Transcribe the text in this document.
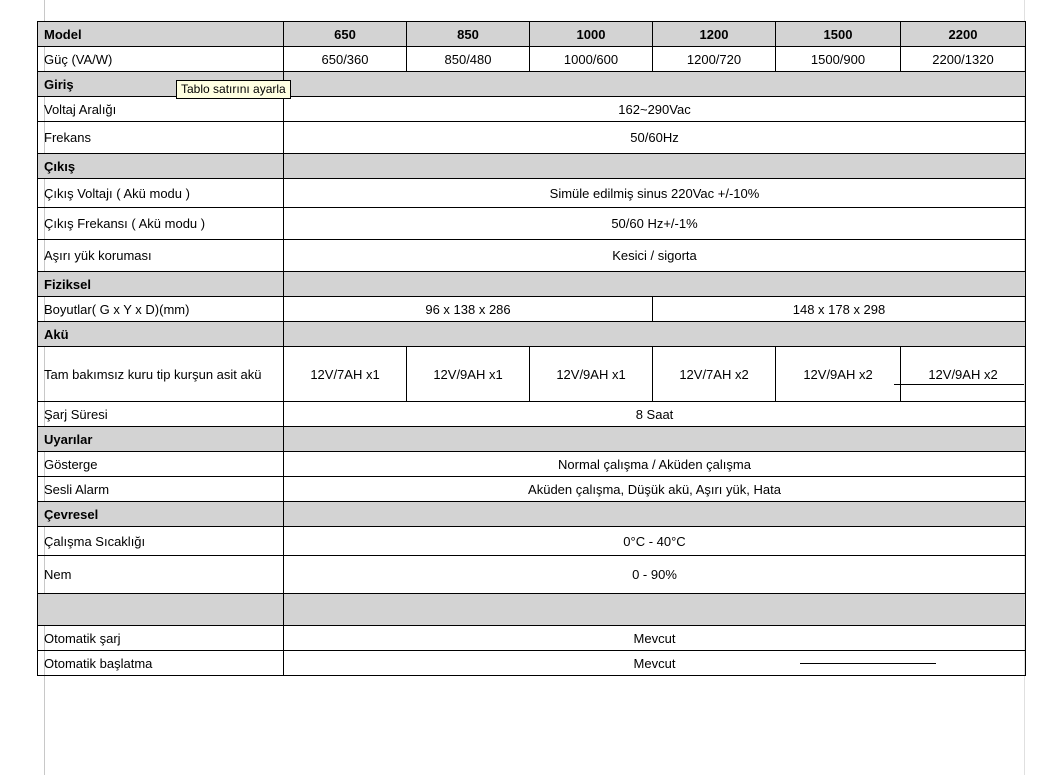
Model	650	850	1000	1200	1500	2200
Güç (VA/W)	650/360	850/480	1000/600	1200/720	1500/900	2200/1320
Giriş						
Voltaj Aralığı	162~290Vac					
Frekans	50/60Hz					
Çıkış						
Çıkış Voltajı ( Akü modu )	Simüle edilmiş sinus 220Vac +/-10%					
Çıkış Frekansı ( Akü modu )	50/60 Hz+/-1%					
Aşırı yük koruması	Kesici / sigorta					
Fiziksel						
Boyutlar( G x Y x D)(mm)	96 x 138 x 286			148 x 178 x 298		
Akü						
Tam bakımsız kuru tip kurşun asit akü	12V/7AH x1	12V/9AH x1	12V/9AH x1	12V/7AH x2	12V/9AH x2	12V/9AH x2
Şarj Süresi	8 Saat					
Uyarılar						
Gösterge	Normal çalışma / Aküden çalışma					
Sesli Alarm	Aküden çalışma, Düşük akü, Aşırı yük, Hata					
Çevresel						
Çalışma Sıcaklığı	0°C - 40°C					
Nem	0 - 90%					

Otomatik şarj	Mevcut					
Otomatik başlatma	Mevcut					
Tablo satırını ayarla
